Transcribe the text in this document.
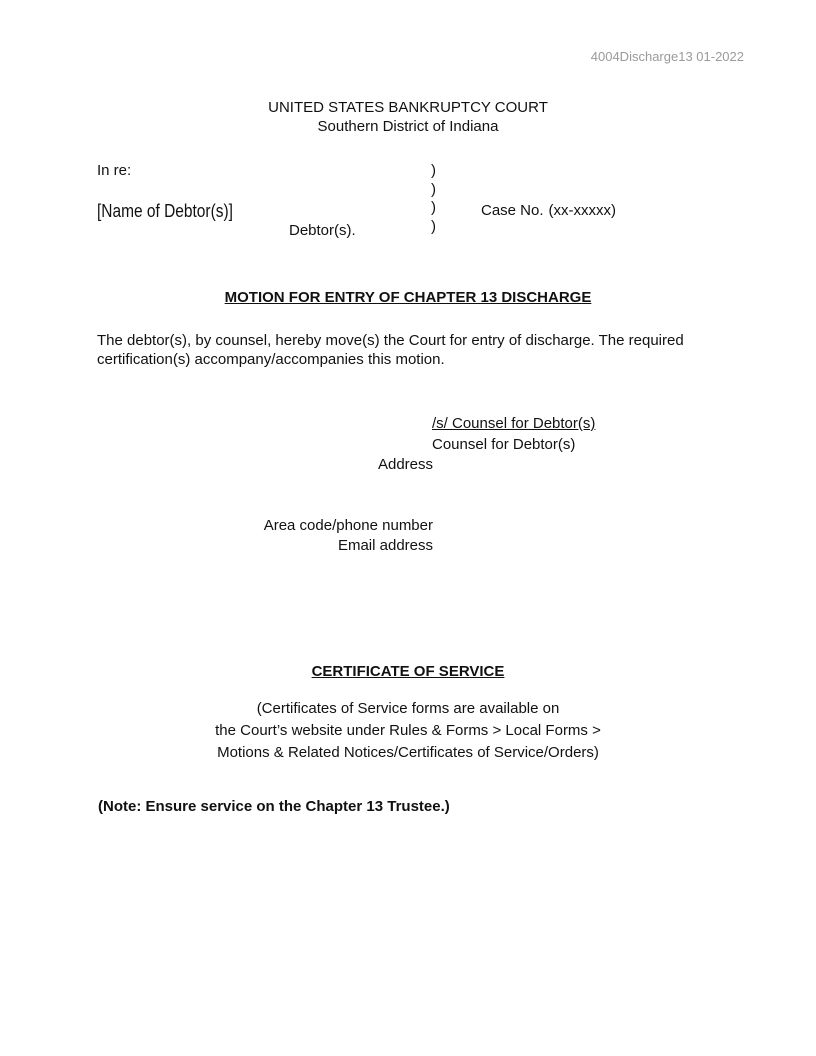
4004Discharge13 01-2022
UNITED STATES BANKRUPTCY COURT
Southern District of Indiana
In re:
[Name of Debtor(s)]
Debtor(s).
)
)
)
)
Case No. (xx-xxxxx)
MOTION FOR ENTRY OF CHAPTER 13 DISCHARGE
The debtor(s), by counsel, hereby move(s) the Court for entry of discharge. The required certification(s) accompany/accompanies this motion.
/s/ Counsel for Debtor(s)
Counsel for Debtor(s)
Address
Area code/phone number
Email address
CERTIFICATE OF SERVICE
(Certificates of Service forms are available on
the Court’s website under Rules & Forms > Local Forms >
Motions & Related Notices/Certificates of Service/Orders)
(Note: Ensure service on the Chapter 13 Trustee.)
